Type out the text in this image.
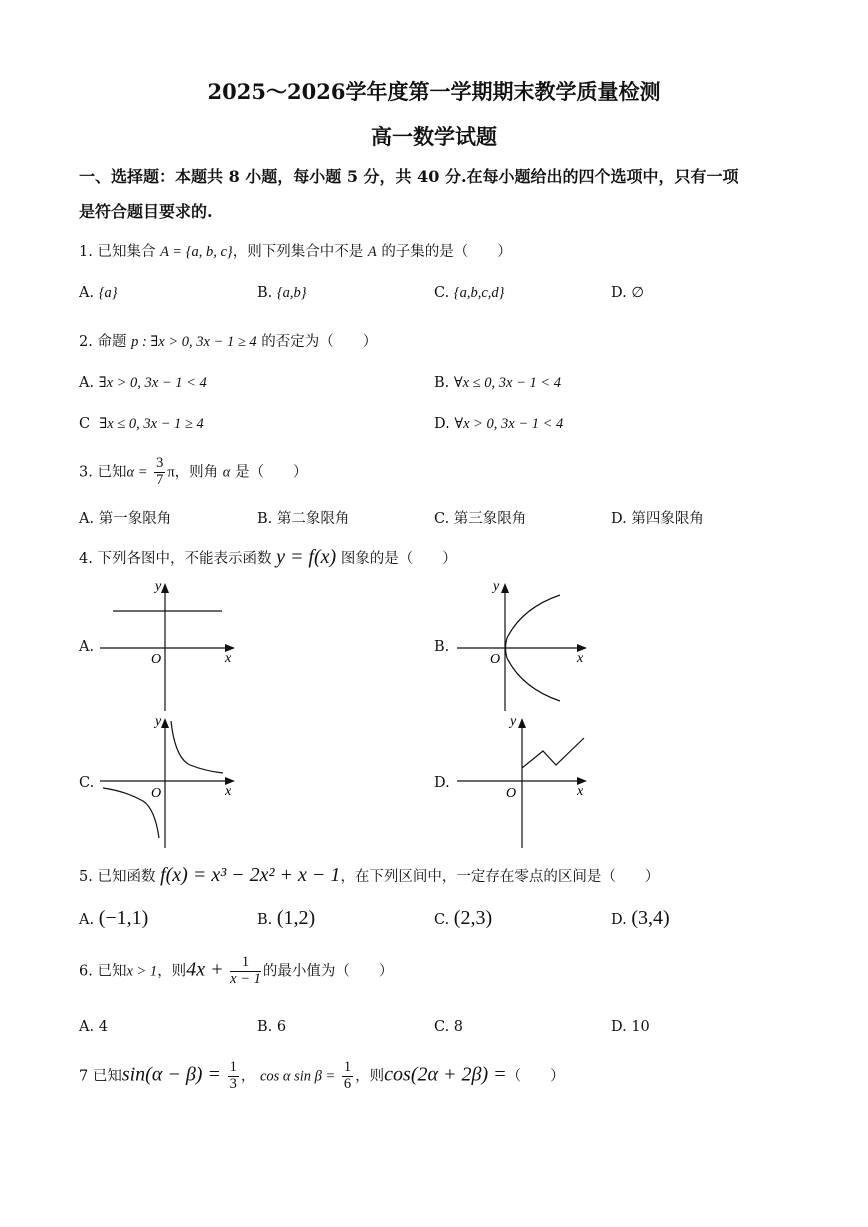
2025～2026学年度第一学期期末教学质量检测
高一数学试题
一、选择题：本题共 8 小题，每小题 5 分，共 40 分.在每小题给出的四个选项中，只有一项
是符合题目要求的.
1. 已知集合 A = {a, b, c}，则下列集合中不是 A 的子集的是（　　）
A. {a}	B. {a,b}	C. {a,b,c,d}	D. ∅
2. 命题 p : ∃x > 0, 3x − 1 ≥ 4 的否定为（　　）
A. ∃x > 0, 3x − 1 < 4	B. ∀x ≤ 0, 3x − 1 < 4
C ∃x ≤ 0, 3x − 1 ≥ 4	D. ∀x > 0, 3x − 1 < 4
3. 已知$\alpha = \frac{3}{7}$ π，则角 α 是（　　）
A. 第一象限角	B. 第二象限角	C. 第三象限角	D. 第四象限角
4. 下列各图中，不能表示函数 y = f(x) 图象的是（　　）
A.	B.
C.	D.
y
x
O
y
x
O
y
x
O
y
x
O
5. 已知函数 f(x) = x³ − 2x² + x − 1，在下列区间中，一定存在零点的区间是（　　）
A. (−1,1)	B. (1,2)	C. (2,3)	D. (3,4)
6. 已知x > 1，则$4x + \frac{1}{x - 1}$ 的最小值为（　　）
A. 4	B. 6	C. 8	D. 10
7 已知$\sin(\alpha - \beta) = \frac{1}{3}$ ， cos α $\sin \beta = \frac{1}{6}$ ，则cos(2α + 2β) =（　　）
